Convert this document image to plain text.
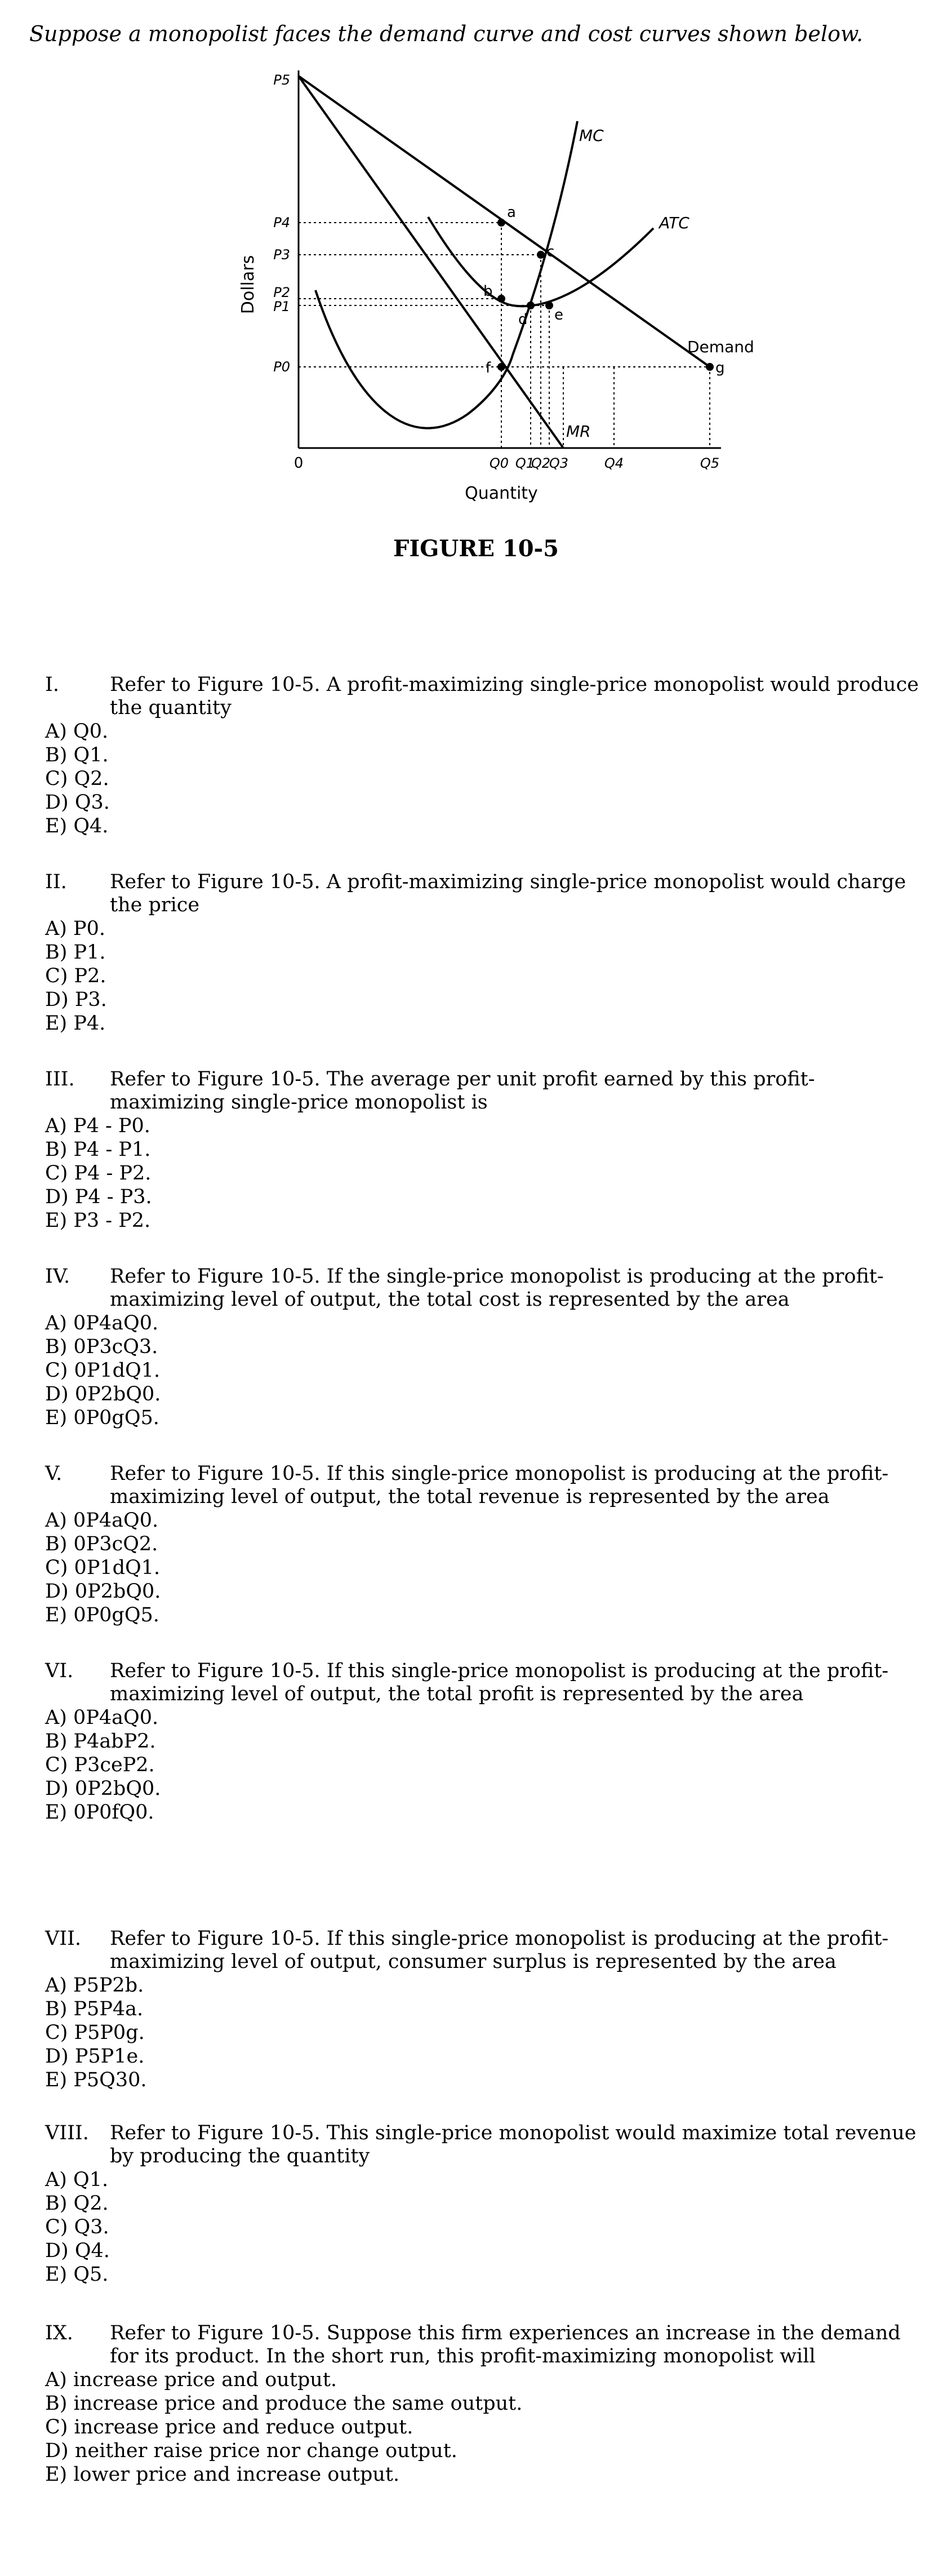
Suppose a monopolist faces the demand curve and cost curves shown below.
a
b
c
d e
f	g
MC
ATC
MR
Demand
P5
P4
P3
P2
P1
P0
Q0 Q1
Q2
Q3	Q4	Q5
0
Quantity
Dollars
FIGURE 10-5
I.	Refer to Figure 10-5. A profit-maximizing single-price monopolist would produce the quantity
A) Q0.
B) Q1.
C) Q2.
D) Q3.
E) Q4.
II. Refer to Figure 10-5. A profit-maximizing single-price monopolist would charge the price
A) P0.
B) P1.
C) P2.
D) P3.
E) P4.
III. Refer to Figure 10-5. The average per unit profit earned by this profit-maximizing single-price monopolist is
A) P4 - P0.
B) P4 - P1.
C) P4 - P2.
D) P4 - P3.
E) P3 - P2.
IV. Refer to Figure 10-5. If the single-price monopolist is producing at the profit-maximizing level of output, the total cost is represented by the area
A) 0P4aQ0.
B) 0P3cQ3.
C) 0P1dQ1.
D) 0P2bQ0.
E) 0P0gQ5.
V. Refer to Figure 10-5. If this single-price monopolist is producing at the profit-maximizing level of output, the total revenue is represented by the area
A) 0P4aQ0.
B) 0P3cQ2.
C) 0P1dQ1.
D) 0P2bQ0.
E) 0P0gQ5.
VI. Refer to Figure 10-5. If this single-price monopolist is producing at the profit-maximizing level of output, the total profit is represented by the area
A) 0P4aQ0.
B) P4abP2.
C) P3ceP2.
D) 0P2bQ0.
E) 0P0fQ0.
VII. Refer to Figure 10-5. If this single-price monopolist is producing at the profit-maximizing level of output, consumer surplus is represented by the area
A) P5P2b.
B) P5P4a.
C) P5P0g.
D) P5P1e.
E) P5Q30.
VIII. Refer to Figure 10-5. This single-price monopolist would maximize total revenue by producing the quantity
A) Q1.
B) Q2.
C) Q3.
D) Q4.
E) Q5.
IX. Refer to Figure 10-5. Suppose this firm experiences an increase in the demand for its product. In the short run, this profit-maximizing monopolist will
A) increase price and output.
B) increase price and produce the same output.
C) increase price and reduce output.
D) neither raise price nor change output.
E) lower price and increase output.
